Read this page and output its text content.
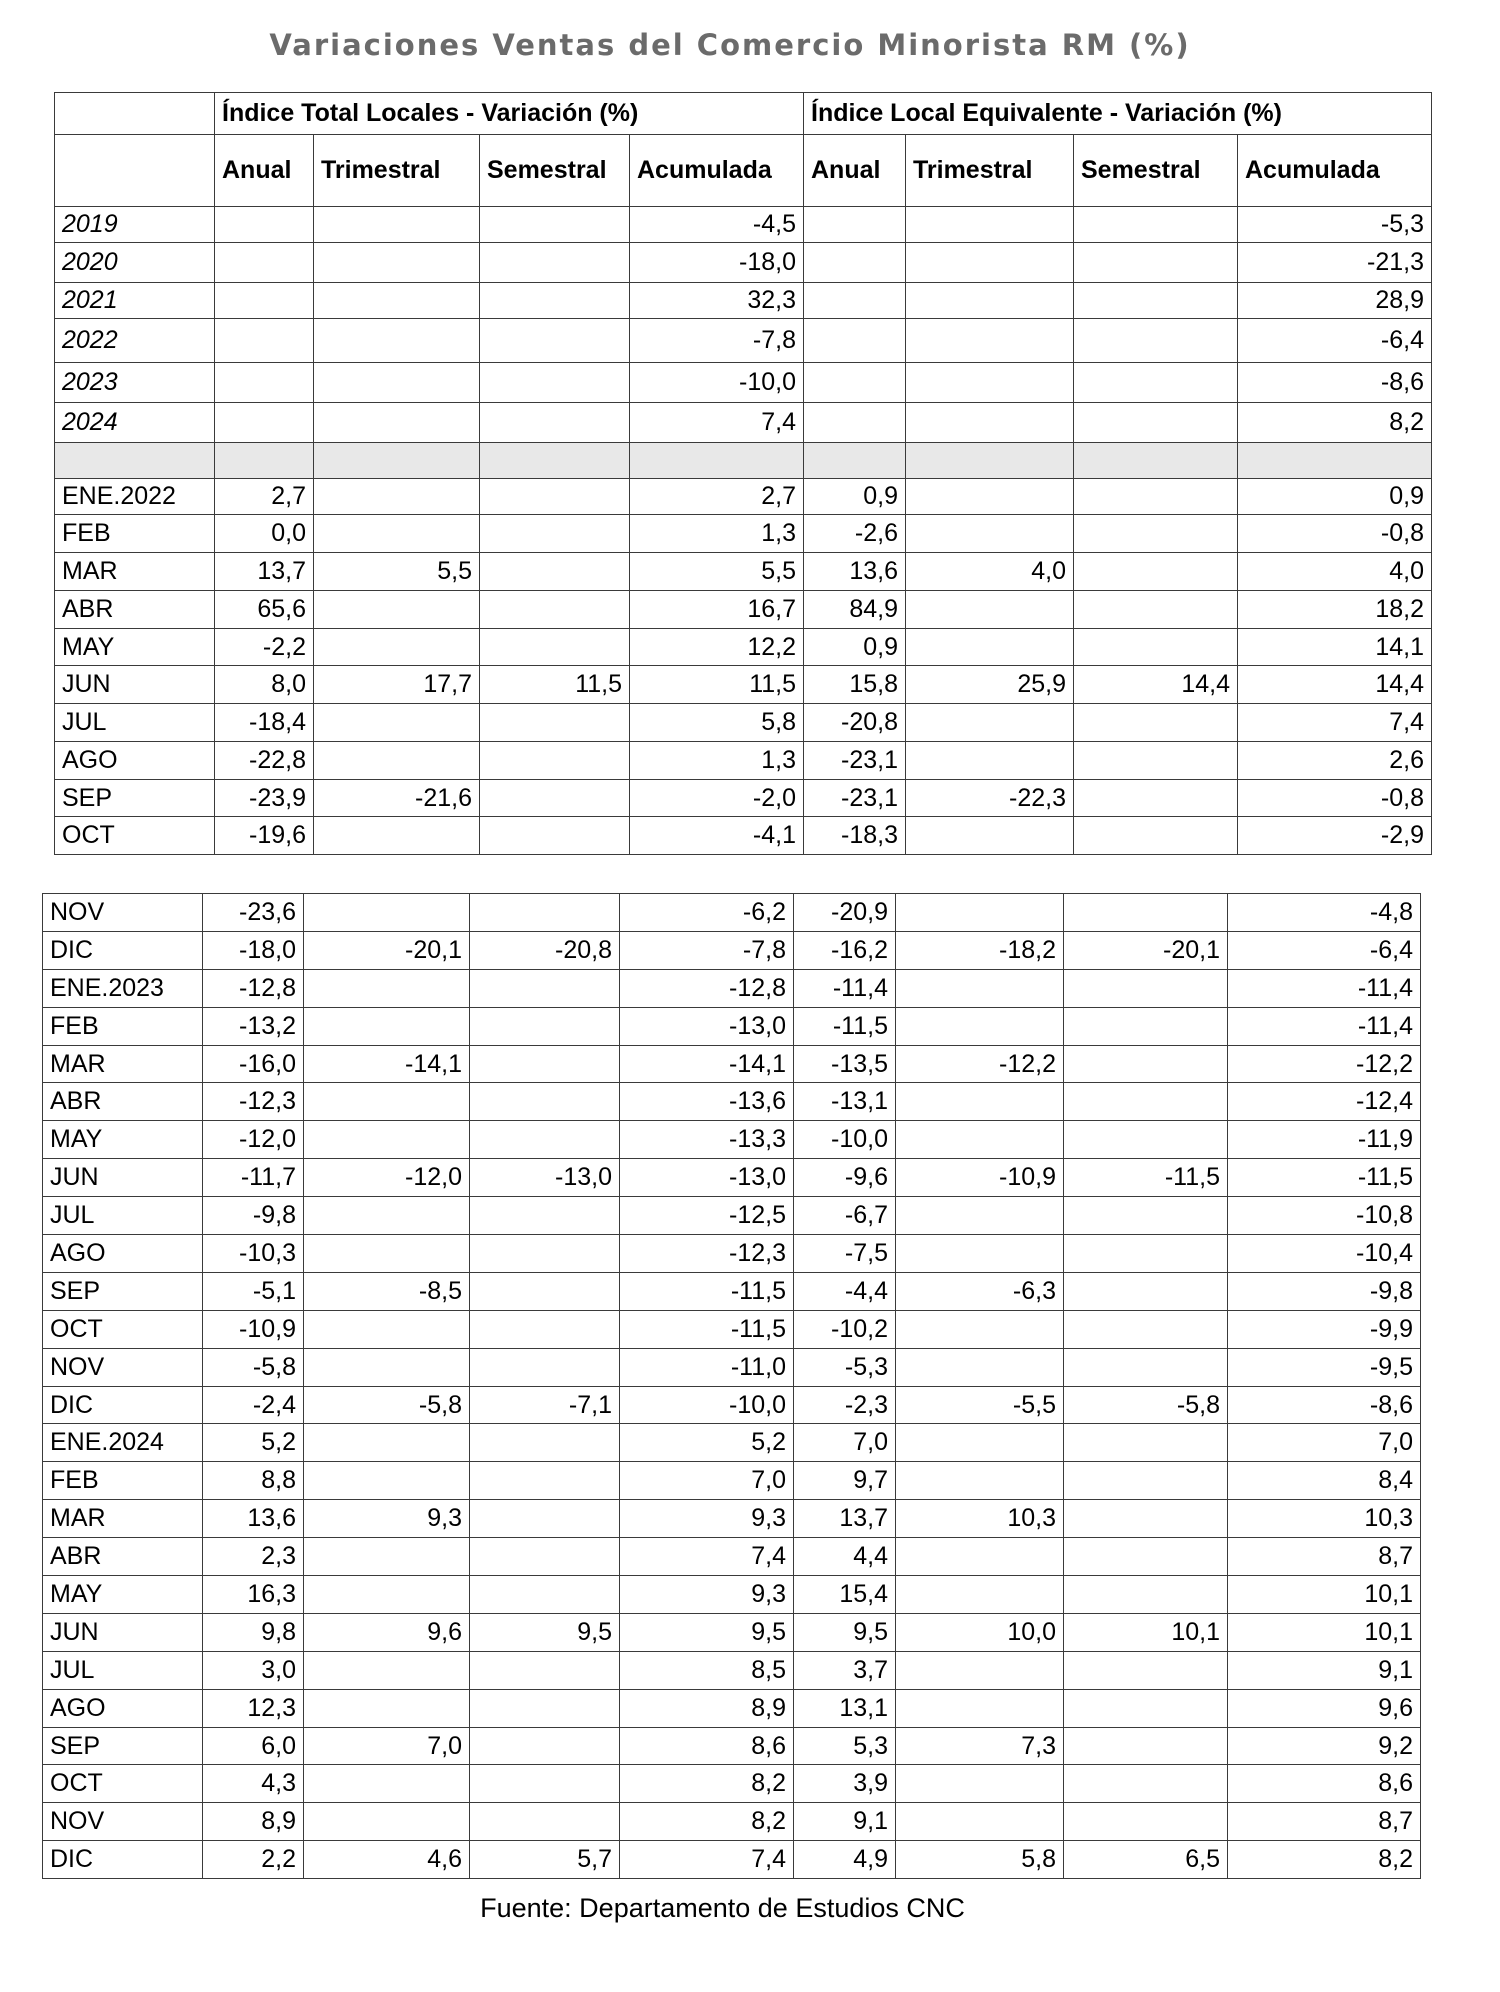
Variaciones Ventas del Comercio Minorista RM (%)
	Índice Total Locales - Variación (%)				Índice Local Equivalente - Variación (%)			
	Anual	Trimestral	Semestral	Acumulada	Anual	Trimestral	Semestral	Acumulada
2019				-4,5				-5,3
2020				-18,0				-21,3
2021				32,3				28,9
2022				-7,8				-6,4
2023				-10,0				-8,6
2024				7,4				8,2

ENE.2022	2,7			2,7	0,9			0,9
FEB	0,0			1,3	-2,6			-0,8
MAR	13,7	5,5		5,5	13,6	4,0		4,0
ABR	65,6			16,7	84,9			18,2
MAY	-2,2			12,2	0,9			14,1
JUN	8,0	17,7	11,5	11,5	15,8	25,9	14,4	14,4
JUL	-18,4			5,8	-20,8			7,4
AGO	-22,8			1,3	-23,1			2,6
SEP	-23,9	-21,6		-2,0	-23,1	-22,3		-0,8
OCT	-19,6			-4,1	-18,3			-2,9
NOV	-23,6			-6,2	-20,9			-4,8
DIC	-18,0	-20,1	-20,8	-7,8	-16,2	-18,2	-20,1	-6,4
ENE.2023	-12,8			-12,8	-11,4			-11,4
FEB	-13,2			-13,0	-11,5			-11,4
MAR	-16,0	-14,1		-14,1	-13,5	-12,2		-12,2
ABR	-12,3			-13,6	-13,1			-12,4
MAY	-12,0			-13,3	-10,0			-11,9
JUN	-11,7	-12,0	-13,0	-13,0	-9,6	-10,9	-11,5	-11,5
JUL	-9,8			-12,5	-6,7			-10,8
AGO	-10,3			-12,3	-7,5			-10,4
SEP	-5,1	-8,5		-11,5	-4,4	-6,3		-9,8
OCT	-10,9			-11,5	-10,2			-9,9
NOV	-5,8			-11,0	-5,3			-9,5
DIC	-2,4	-5,8	-7,1	-10,0	-2,3	-5,5	-5,8	-8,6
ENE.2024	5,2			5,2	7,0			7,0
FEB	8,8			7,0	9,7			8,4
MAR	13,6	9,3		9,3	13,7	10,3		10,3
ABR	2,3			7,4	4,4			8,7
MAY	16,3			9,3	15,4			10,1
JUN	9,8	9,6	9,5	9,5	9,5	10,0	10,1	10,1
JUL	3,0			8,5	3,7			9,1
AGO	12,3			8,9	13,1			9,6
SEP	6,0	7,0		8,6	5,3	7,3		9,2
OCT	4,3			8,2	3,9			8,6
NOV	8,9			8,2	9,1			8,7
DIC	2,2	4,6	5,7	7,4	4,9	5,8	6,5	8,2
Fuente: Departamento de Estudios CNC
